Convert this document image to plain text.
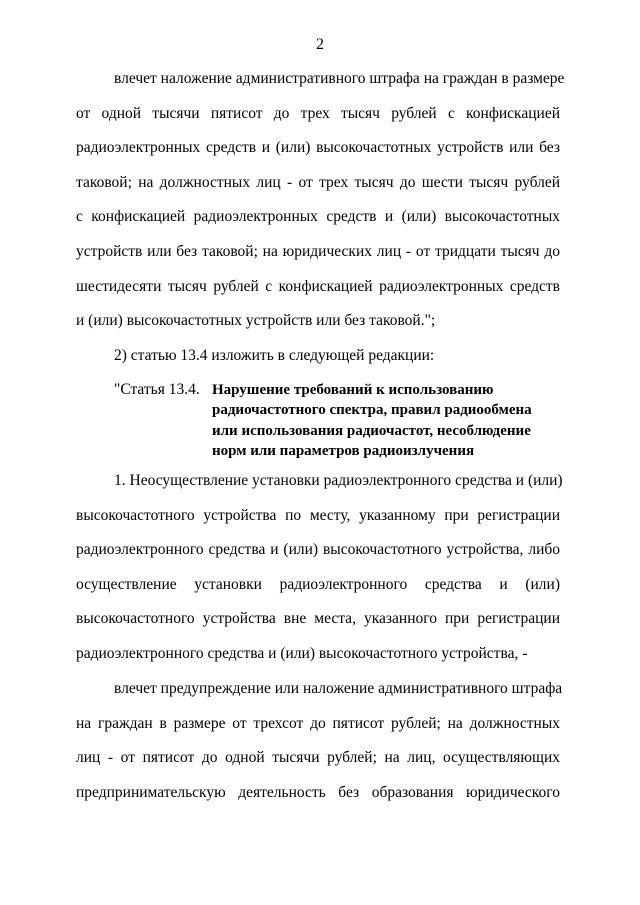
2
влечет наложение административного штрафа на граждан в размере
от одной тысячи пятисот до трех тысяч рублей с конфискацией
радиоэлектронных средств и (или) высокочастотных устройств или без
таковой; на должностных лиц - от трех тысяч до шести тысяч рублей
с конфискацией радиоэлектронных средств и (или) высокочастотных
устройств или без таковой; на юридических лиц - от тридцати тысяч до
шестидесяти тысяч рублей с конфискацией радиоэлектронных средств
и (или) высокочастотных устройств или без таковой.";
2) статью 13.4 изложить в следующей редакции:
"Статья 13.4. Нарушение требований к использованию
радиочастотного спектра, правил радиообмена
или использования радиочастот, несоблюдение
норм или параметров радиоизлучения
1. Неосуществление установки радиоэлектронного средства и (или)
высокочастотного устройства по месту, указанному при регистрации
радиоэлектронного средства и (или) высокочастотного устройства, либо
осуществление установки радиоэлектронного средства и (или)
высокочастотного устройства вне места, указанного при регистрации
радиоэлектронного средства и (или) высокочастотного устройства, -
влечет предупреждение или наложение административного штрафа
на граждан в размере от трехсот до пятисот рублей; на должностных
лиц - от пятисот до одной тысячи рублей; на лиц, осуществляющих
предпринимательскую деятельность без образования юридического
